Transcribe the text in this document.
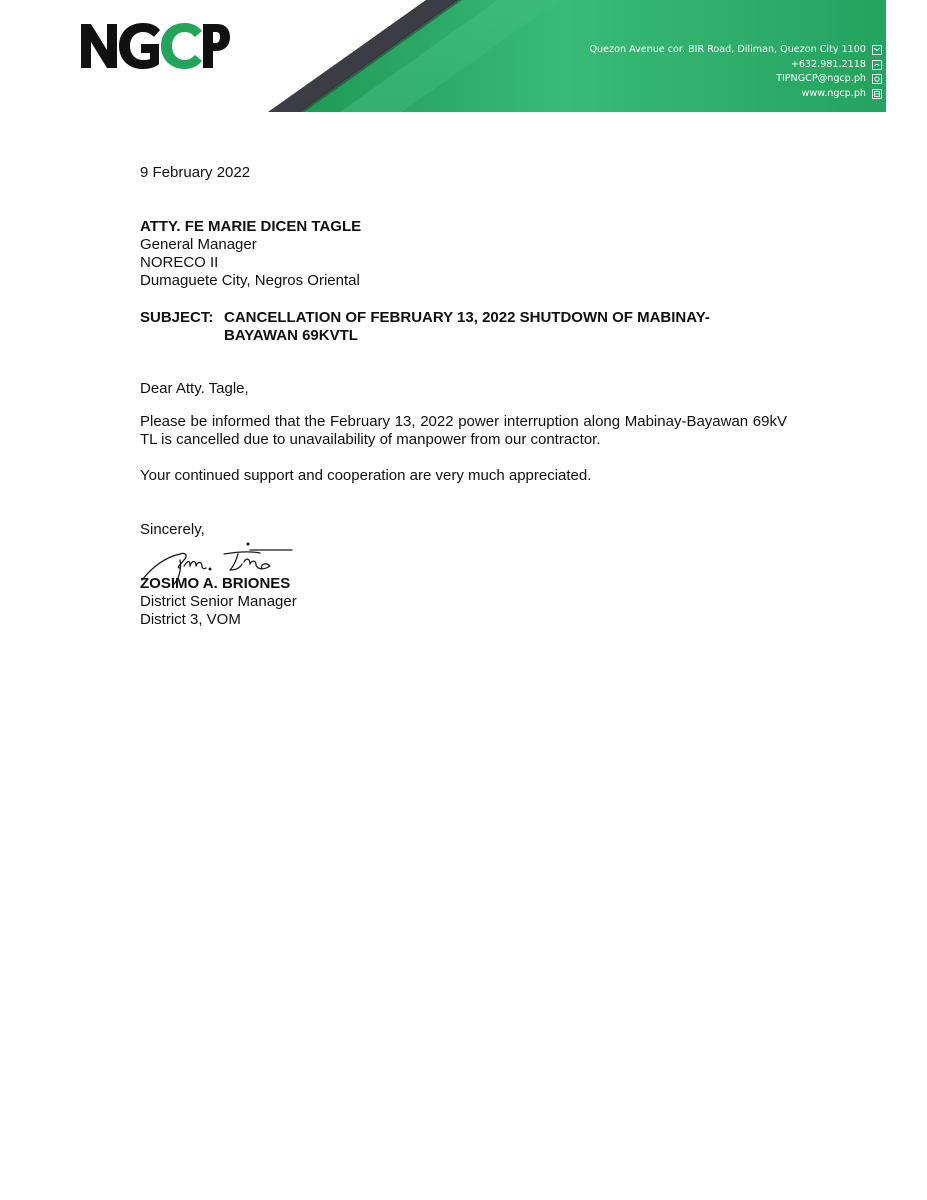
Quezon Avenue cor. BIR Road, Diliman, Quezon City 1100
+632.981.2118
TIPNGCP@ngcp.ph
www.ngcp.ph
9 February 2022
ATTY. FE MARIE DICEN TAGLE
General Manager
NORECO II
Dumaguete City, Negros Oriental
SUBJECT: CANCELLATION OF FEBRUARY 13, 2022 SHUTDOWN OF MABINAY-
BAYAWAN 69KVTL
Dear Atty. Tagle,
Please be informed that the February 13, 2022 power interruption along Mabinay-Bayawan 69kV TL is cancelled due to unavailability of manpower from our contractor.
Your continued support and cooperation are very much appreciated.
Sincerely,
ZOSIMO A. BRIONES
District Senior Manager
District 3, VOM
